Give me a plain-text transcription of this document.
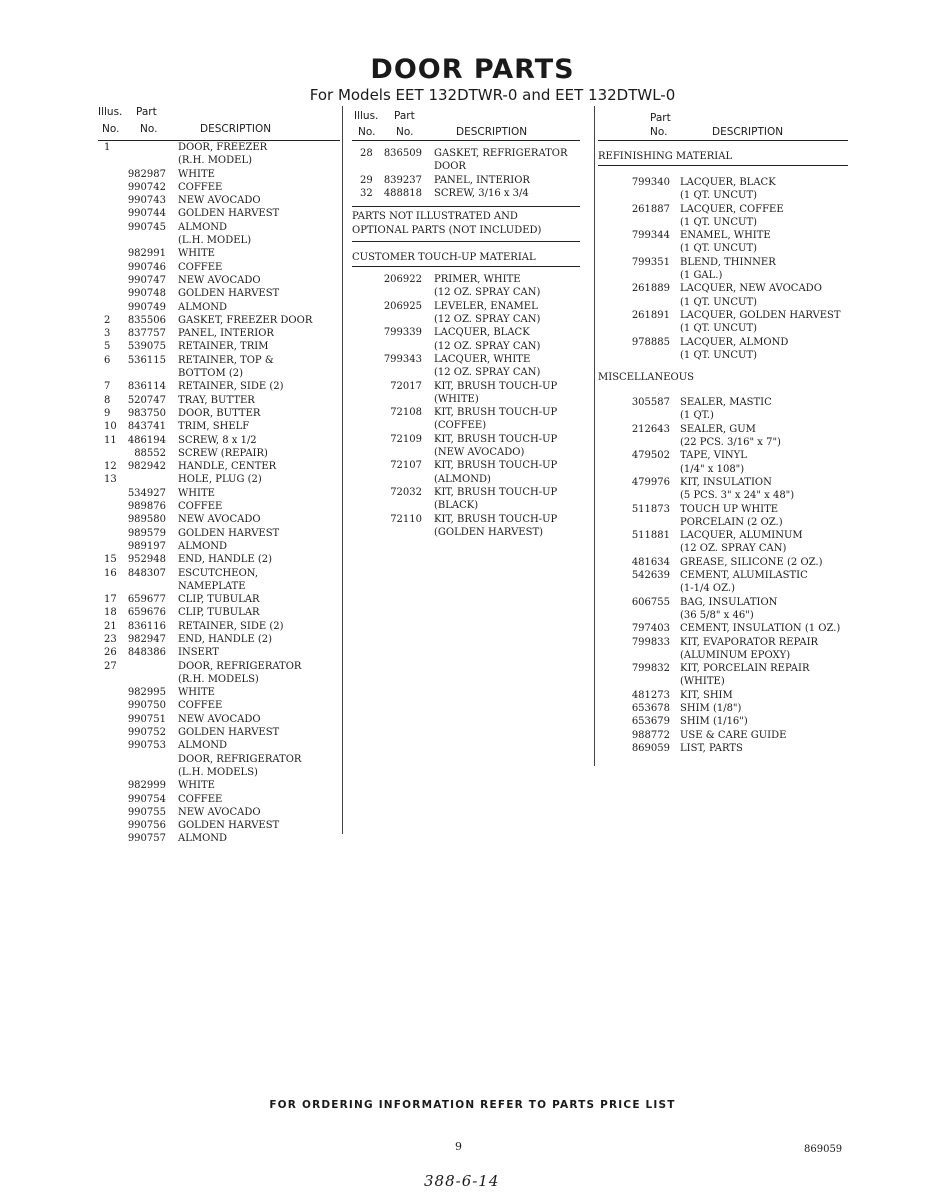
DOOR PARTS

For Models EET 132DTWR-0 and EET 132DTWL-0

Illus. Part
No. No.	DESCRIPTION
1	DOOR, FREEZER
(R.H. MODEL)
982987 WHITE
990742 COFFEE
990743 NEW AVOCADO
990744 GOLDEN HARVEST
990745 ALMOND
(L.H. MODEL)
982991 WHITE
990746 COFFEE
990747 NEW AVOCADO
990748 GOLDEN HARVEST
990749 ALMOND
2	835506 GASKET, FREEZER DOOR
3	837757 PANEL, INTERIOR
5	539075 RETAINER, TRIM
6	536115 RETAINER, TOP &
BOTTOM (2)
7	836114 RETAINER, SIDE (2)
8	520747 TRAY, BUTTER
9	983750 DOOR, BUTTER
10	843741 TRIM, SHELF
11	486194 SCREW, 8 x 1/2
88552 SCREW (REPAIR)
12	982942 HANDLE, CENTER
13	HOLE, PLUG (2)
534927 WHITE
989876 COFFEE
989580 NEW AVOCADO
989579 GOLDEN HARVEST
989197 ALMOND
15	952948 END, HANDLE (2)
16	848307 ESCUTCHEON,
NAMEPLATE
17	659677 CLIP, TUBULAR
18	659676 CLIP, TUBULAR
21	836116 RETAINER, SIDE (2)
23	982947 END, HANDLE (2)
26	848386 INSERT
27	DOOR, REFRIGERATOR
(R.H. MODELS)
982995 WHITE
990750 COFFEE
990751 NEW AVOCADO
990752 GOLDEN HARVEST
990753 ALMOND
DOOR, REFRIGERATOR
(L.H. MODELS)
982999 WHITE
990754 COFFEE
990755 NEW AVOCADO
990756 GOLDEN HARVEST
990757 ALMOND
Illus. Part
No. No.	DESCRIPTION
28	836509 GASKET, REFRIGERATOR
DOOR
29	839237 PANEL, INTERIOR
32	488818 SCREW, 3/16 x 3/4
PARTS NOT ILLUSTRATED AND
OPTIONAL PARTS (NOT INCLUDED)
CUSTOMER TOUCH-UP MATERIAL
206922 PRIMER, WHITE
(12 OZ. SPRAY CAN)
206925 LEVELER, ENAMEL
(12 OZ. SPRAY CAN)
799339 LACQUER, BLACK
(12 OZ. SPRAY CAN)
799343 LACQUER, WHITE
(12 OZ. SPRAY CAN)
72017 KIT, BRUSH TOUCH-UP
(WHITE)
72108 KIT, BRUSH TOUCH-UP
(COFFEE)
72109 KIT, BRUSH TOUCH-UP
(NEW AVOCADO)
72107 KIT, BRUSH TOUCH-UP
(ALMOND)
72032 KIT, BRUSH TOUCH-UP
(BLACK)
72110 KIT, BRUSH TOUCH-UP
(GOLDEN HARVEST)
Part
No.	DESCRIPTION
REFINISHING MATERIAL
799340 LACQUER, BLACK
(1 QT. UNCUT)
261887 LACQUER, COFFEE
(1 QT. UNCUT)
799344 ENAMEL, WHITE
(1 QT. UNCUT)
799351 BLEND, THINNER
(1 GAL.)
261889 LACQUER, NEW AVOCADO
(1 QT. UNCUT)
261891 LACQUER, GOLDEN HARVEST
(1 QT. UNCUT)
978885 LACQUER, ALMOND
(1 QT. UNCUT)
MISCELLANEOUS
305587 SEALER, MASTIC
(1 QT.)
212643 SEALER, GUM
(22 PCS. 3/16" x 7")
479502 TAPE, VINYL
(1/4" x 108")
479976 KIT, INSULATION
(5 PCS. 3" x 24" x 48")
511873 TOUCH UP WHITE
PORCELAIN (2 OZ.)
511881 LACQUER, ALUMINUM
(12 OZ. SPRAY CAN)
481634 GREASE, SILICONE (2 OZ.)
542639 CEMENT, ALUMILASTIC
(1-1/4 OZ.)
606755 BAG, INSULATION
(36 5/8" x 46")
797403 CEMENT, INSULATION (1 OZ.)
799833 KIT, EVAPORATOR REPAIR
(ALUMINUM EPOXY)
799832 KIT, PORCELAIN REPAIR
(WHITE)
481273 KIT, SHIM
653678 SHIM (1/8")
653679 SHIM (1/16")
988772 USE & CARE GUIDE
869059 LIST, PARTS

FOR ORDERING INFORMATION REFER TO PARTS PRICE LIST

9	869059
388-6-14
